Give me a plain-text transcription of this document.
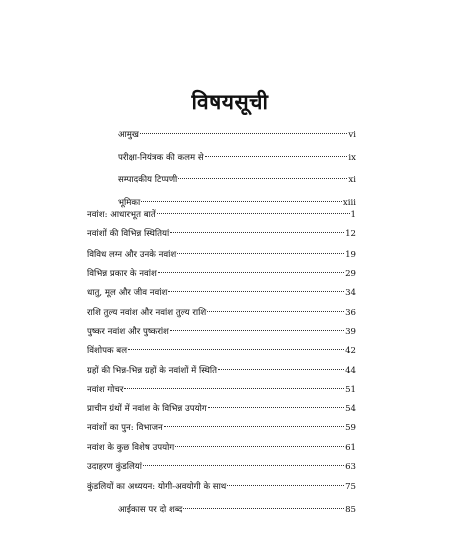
विषयसूची
आमुख	vi
परीक्षा-नियंत्रक की कलम से	ix
सम्पादकीय टिप्पणी	xi
भूमिका	xiii
नवांश: आधारभूत बातें	1
नवांशों की विभिन्न स्थितियां	12
विविध लग्न और उनके नवांश	19
विभिन्न प्रकार के नवांश	29
धातु, मूल और जीव नवांश	34
राशि तुल्य नवांश और नवांश तुल्य राशि	36
पुष्कर नवांश और पुष्करांश	39
विंशोपक बल	42
ग्रहों की भिन्न-भिन्न ग्रहों के नवांशों में स्थिति	44
नवांश गोचर	51
प्राचीन ग्रंथों में नवांश के विभिन्न उपयोग	54
नवांशों का पुन: विभाजन	59
नवांश के कुछ विशेष उपयोग	61
उदाहरण कुंडलियां	63
कुंडलियों का अध्ययन: योगी-अवयोगी के साथ	75
आईकास पर दो शब्द	85
